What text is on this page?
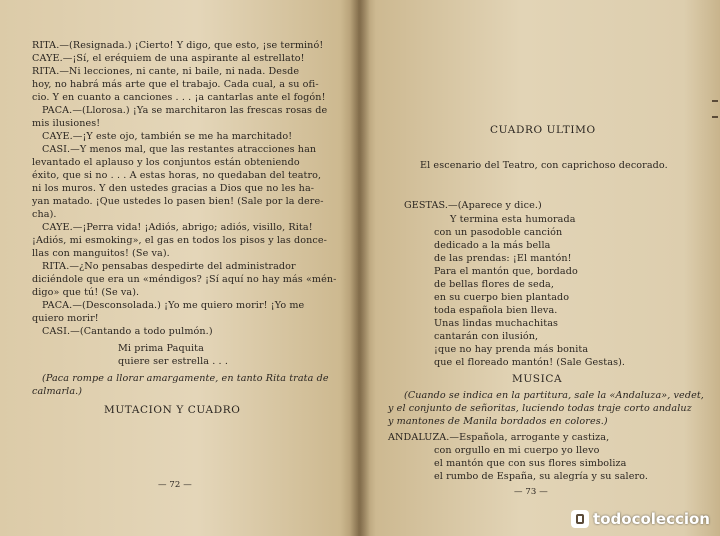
RITA.—(Resignada.) ¡Cierto! Y digo, que esto, ¡se terminó!
CAYE.—¡Sí, el eréquiem de una aspirante al estrellato!
RITA.—Ni lecciones, ni cante, ni baile, ni nada. Desde
hoy, no habrá más arte que el trabajo. Cada cual, a su ofi-
cio. Y en cuanto a canciones . . . ¡a cantarlas ante el fogón!
PACA.—(Llorosa.) ¡Ya se marchitaron las frescas rosas de
mis ilusiones!
CAYE.—¡Y este ojo, también se me ha marchitado!
CASI.—Y menos mal, que las restantes atracciones han
levantado el aplauso y los conjuntos están obteniendo
éxito, que si no . . . A estas horas, no quedaban del teatro,
ni los muros. Y den ustedes gracias a Dios que no les ha-
yan matado. ¡Que ustedes lo pasen bien! (Sale por la dere-
cha).
CAYE.—¡Perra vida! ¡Adiós, abrigo; adiós, visillo, Rita!
¡Adiós, mi esmoking», el gas en todos los pisos y las donce-
llas con manguitos! (Se va).
RITA.—¿No pensabas despedirte del administrador
diciéndole que era un «méndigos? ¡Sí aquí no hay más «mén-
digo» que tú! (Se va).
PACA.—(Desconsolada.) ¡Yo me quiero morir! ¡Yo me
quiero morir!
CASI.—(Cantando a todo pulmón.)
Mi prima Paquita
quiere ser estrella . . .
(Paca rompe a llorar amargamente, en tanto Rita trata de
calmarla.)
MUTACION Y CUADRO
— 72 —
CUADRO ULTIMO
El escenario del Teatro, con caprichoso decorado.
GESTAS.—(Aparece y dice.)
Y termina esta humorada
con un pasodoble canción
dedicado a la más bella
de las prendas: ¡El mantón!
Para el mantón que, bordado
de bellas flores de seda,
en su cuerpo bien plantado
toda española bien lleva.
Unas lindas muchachitas
cantarán con ilusión,
¡que no hay prenda más bonita
que el floreado mantón! (Sale Gestas).
MUSICA
(Cuando se indica en la partitura, sale la «Andaluza», vedet,
y el conjunto de señoritas, luciendo todas traje corto andaluz
y mantones de Manila bordados en colores.)
ANDALUZA.—Española, arrogante y castiza,
con orgullo en mi cuerpo yo llevo
el mantón que con sus flores simboliza
el rumbo de España, su alegría y su salero.
— 73 —
todocoleccion
